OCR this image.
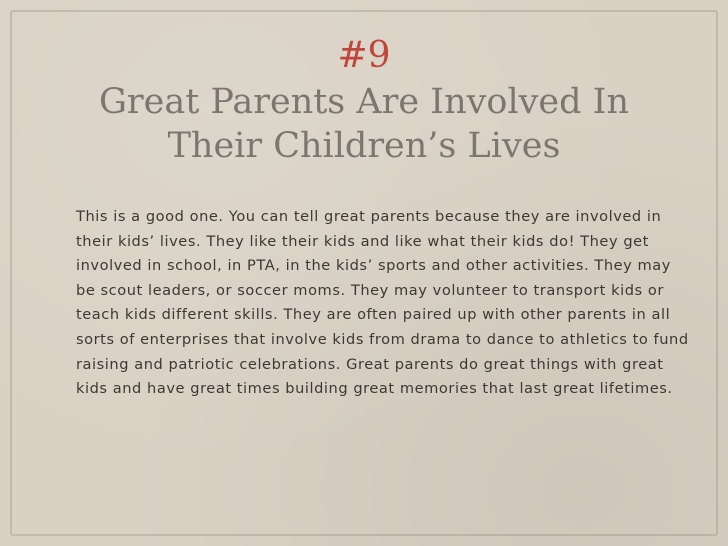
#9
Great Parents Are Involved In
Their Children’s Lives

This is a good one. You can tell great parents because they are involved in
their kids’ lives. They like their kids and like what their kids do! They get
involved in school, in PTA, in the kids’ sports and other activities. They may
be scout leaders, or soccer moms. They may volunteer to transport kids or
teach kids different skills. They are often paired up with other parents in all
sorts of enterprises that involve kids from drama to dance to athletics to fund
raising and patriotic celebrations. Great parents do great things with great
kids and have great times building great memories that last great lifetimes.
